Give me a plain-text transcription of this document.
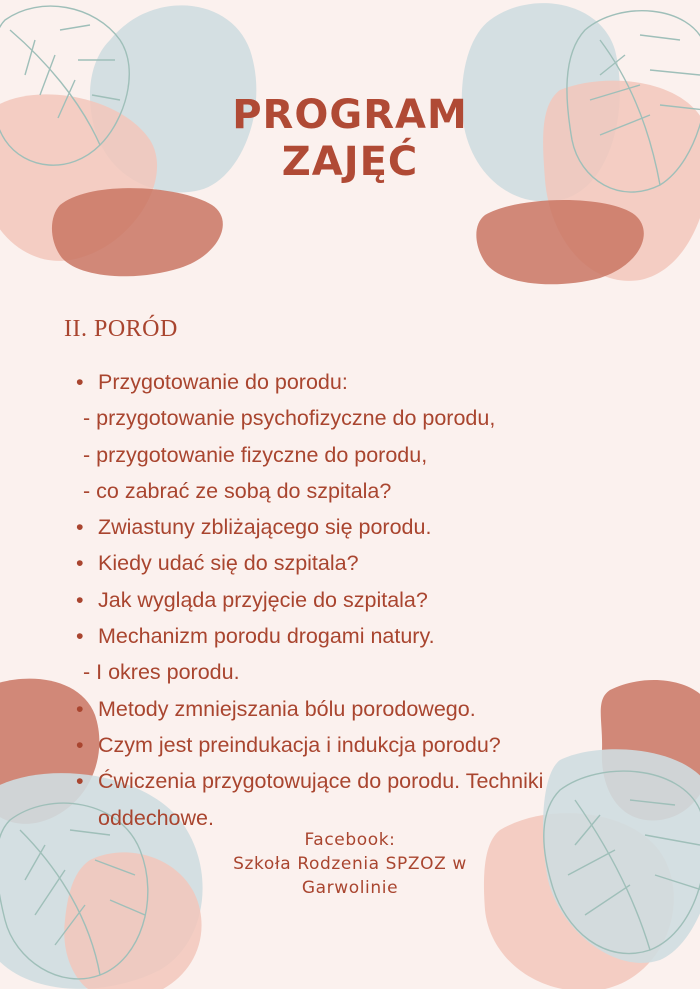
PROGRAM
ZAJĘĆ
II. PORÓD
• Przygotowanie do porodu:
- przygotowanie psychofizyczne do porodu,
- przygotowanie fizyczne do porodu,
- co zabrać ze sobą do szpitala?
• Zwiastuny zbliżającego się porodu.
• Kiedy udać się do szpitala?
• Jak wygląda przyjęcie do szpitala?
• Mechanizm porodu drogami natury.
- I okres porodu.
• Metody zmniejszania bólu porodowego.
• Czym jest preindukacja i indukcja porodu?
• Ćwiczenia przygotowujące do porodu. Techniki
oddechowe.
Facebook:
Szkoła Rodzenia SPZOZ w
Garwolinie
